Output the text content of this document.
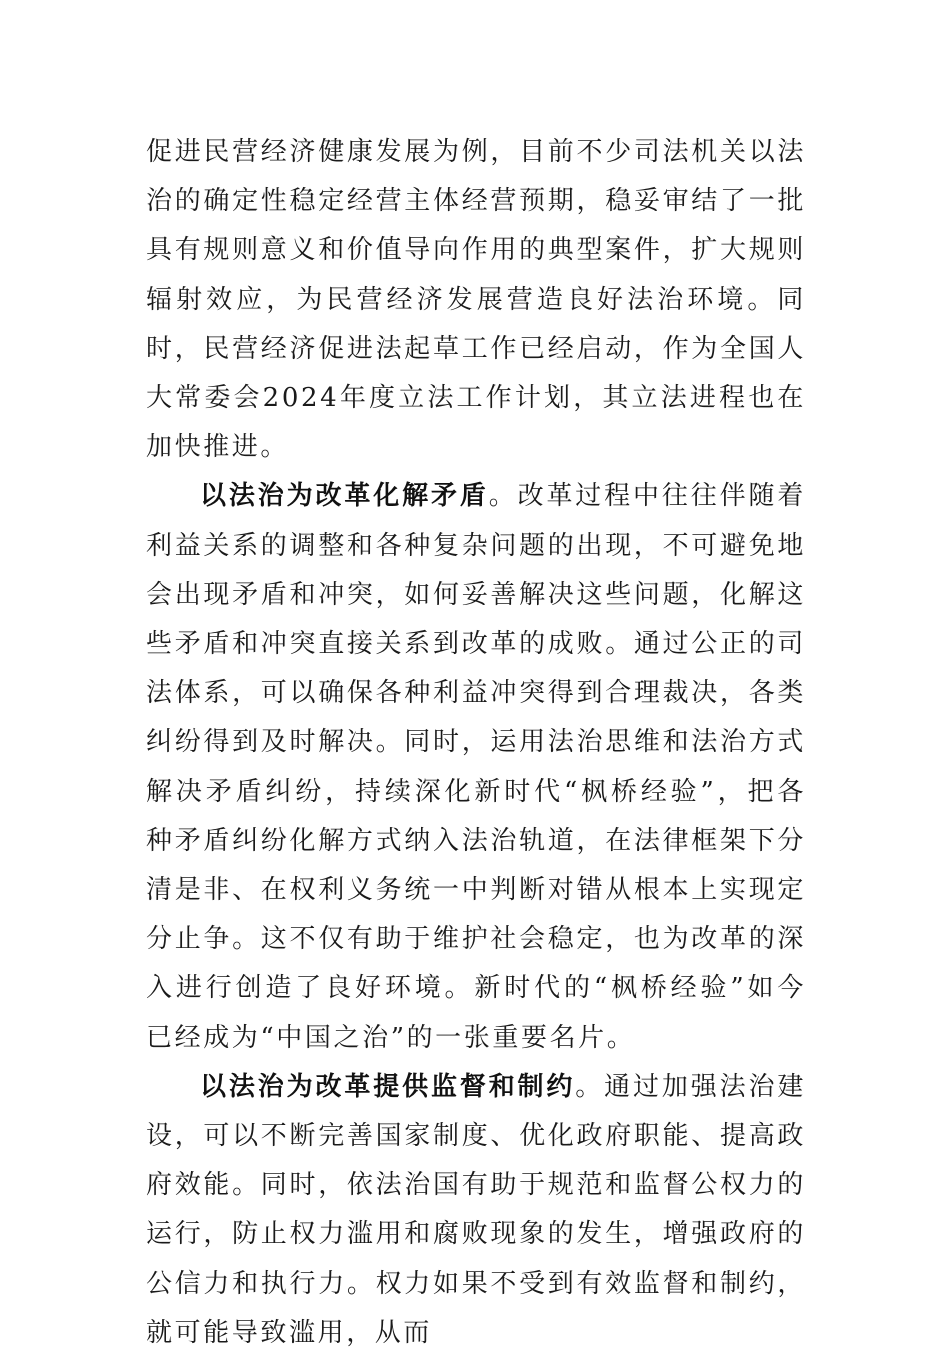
促进民营经济健康发展为例，目前不少司法机关以法治的确定性稳定经营主体经营预期，稳妥审结了一批具有规则意义和价值导向作用的典型案件，扩大规则辐射效应，为民营经济发展营造良好法治环境。同时，民营经济促进法起草工作已经启动，作为全国人大常委会2024年度立法工作计划，其立法进程也在加快推进。

以法治为改革化解矛盾。改革过程中往往伴随着利益关系的调整和各种复杂问题的出现，不可避免地会出现矛盾和冲突，如何妥善解决这些问题，化解这些矛盾和冲突直接关系到改革的成败。通过公正的司法体系，可以确保各种利益冲突得到合理裁决，各类纠纷得到及时解决。同时，运用法治思维和法治方式解决矛盾纠纷，持续深化新时代“枫桥经验”，把各种矛盾纠纷化解方式纳入法治轨道，在法律框架下分清是非、在权利义务统一中判断对错从根本上实现定分止争。这不仅有助于维护社会稳定，也为改革的深入进行创造了良好环境。新时代的“枫桥经验”如今已经成为“中国之治”的一张重要名片。

以法治为改革提供监督和制约。通过加强法治建设，可以不断完善国家制度、优化政府职能、提高政府效能。同时，依法治国有助于规范和监督公权力的运行，防止权力滥用和腐败现象的发生，增强政府的公信力和执行力。权力如果不受到有效监督和制约，就可能导致滥用，从而
